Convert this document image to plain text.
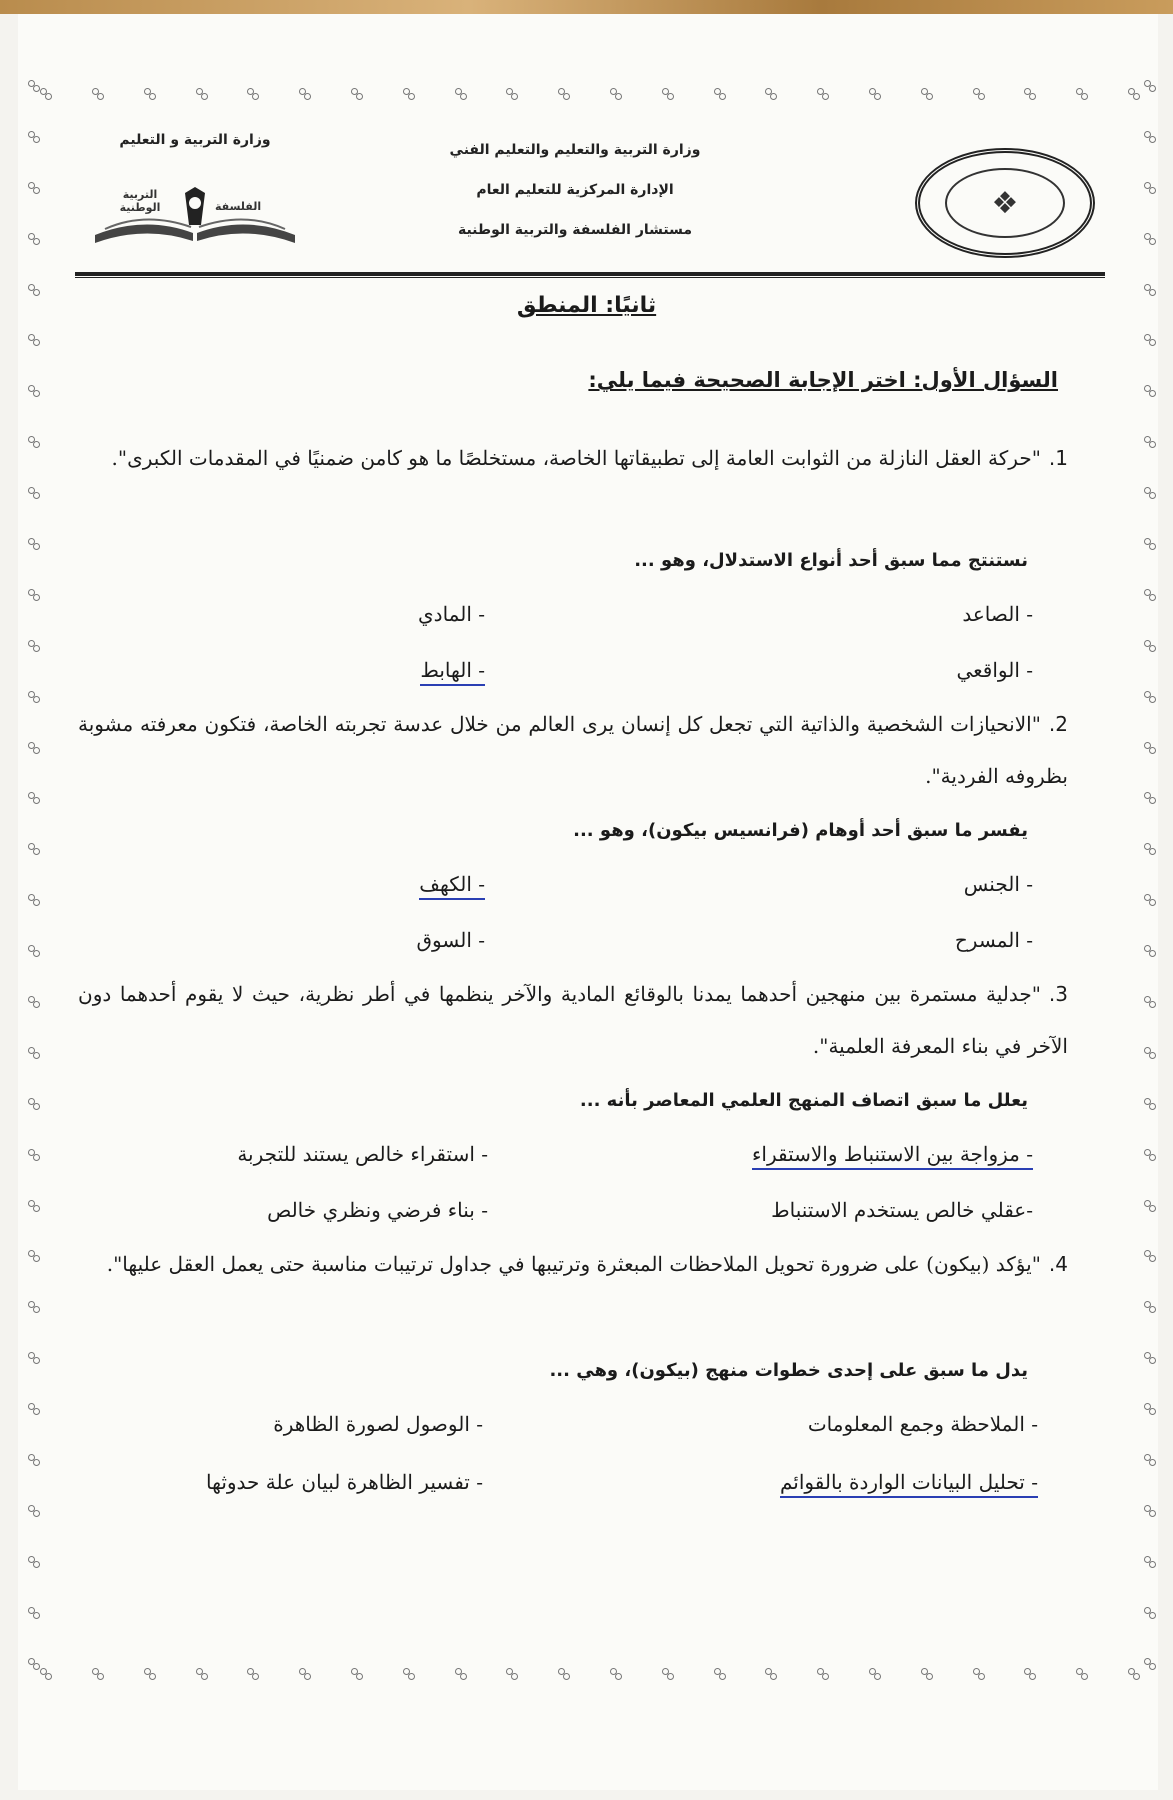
❖
وزارة التربية والتعليم والتعليم الفني
الإدارة المركزية للتعليم العام
مستشار الفلسفة والتربية الوطنية
وزارة التربية و التعليم
التربية الوطنية	الفلسفة
ثانيًا: المنطق
السؤال الأول: اختر الإجابة الصحيحة فيما يلي:
1."حركة العقل النازلة من الثوابت العامة إلى تطبيقاتها الخاصة، مستخلصًا ما هو كامن ضمنيًا في المقدمات الكبرى".
نستنتج مما سبق أحد أنواع الاستدلال، وهو ...
- الصاعد
- المادي
- الواقعي
- الهابط
2."الانحيازات الشخصية والذاتية التي تجعل كل إنسان يرى العالم من خلال عدسة تجربته الخاصة، فتكون معرفته مشوبة بظروفه الفردية".
يفسر ما سبق أحد أوهام (فرانسيس بيكون)، وهو ...
- الجنس
- الكهف
- المسرح
- السوق
3."جدلية مستمرة بين منهجين أحدهما يمدنا بالوقائع المادية والآخر ينظمها في أطر نظرية، حيث لا يقوم أحدهما دون الآخر في بناء المعرفة العلمية".
يعلل ما سبق اتصاف المنهج العلمي المعاصر بأنه ...
- مزواجة بين الاستنباط والاستقراء
- استقراء خالص يستند للتجربة
-عقلي خالص يستخدم الاستنباط
- بناء فرضي ونظري خالص
4."يؤكد (بيكون) على ضرورة تحويل الملاحظات المبعثرة وترتيبها في جداول ترتيبات مناسبة حتى يعمل العقل عليها".
يدل ما سبق على إحدى خطوات منهج (بيكون)، وهي ...
- الملاحظة وجمع المعلومات
- الوصول لصورة الظاهرة
- تحليل البيانات الواردة بالقوائم
- تفسير الظاهرة لبيان علة حدوثها
